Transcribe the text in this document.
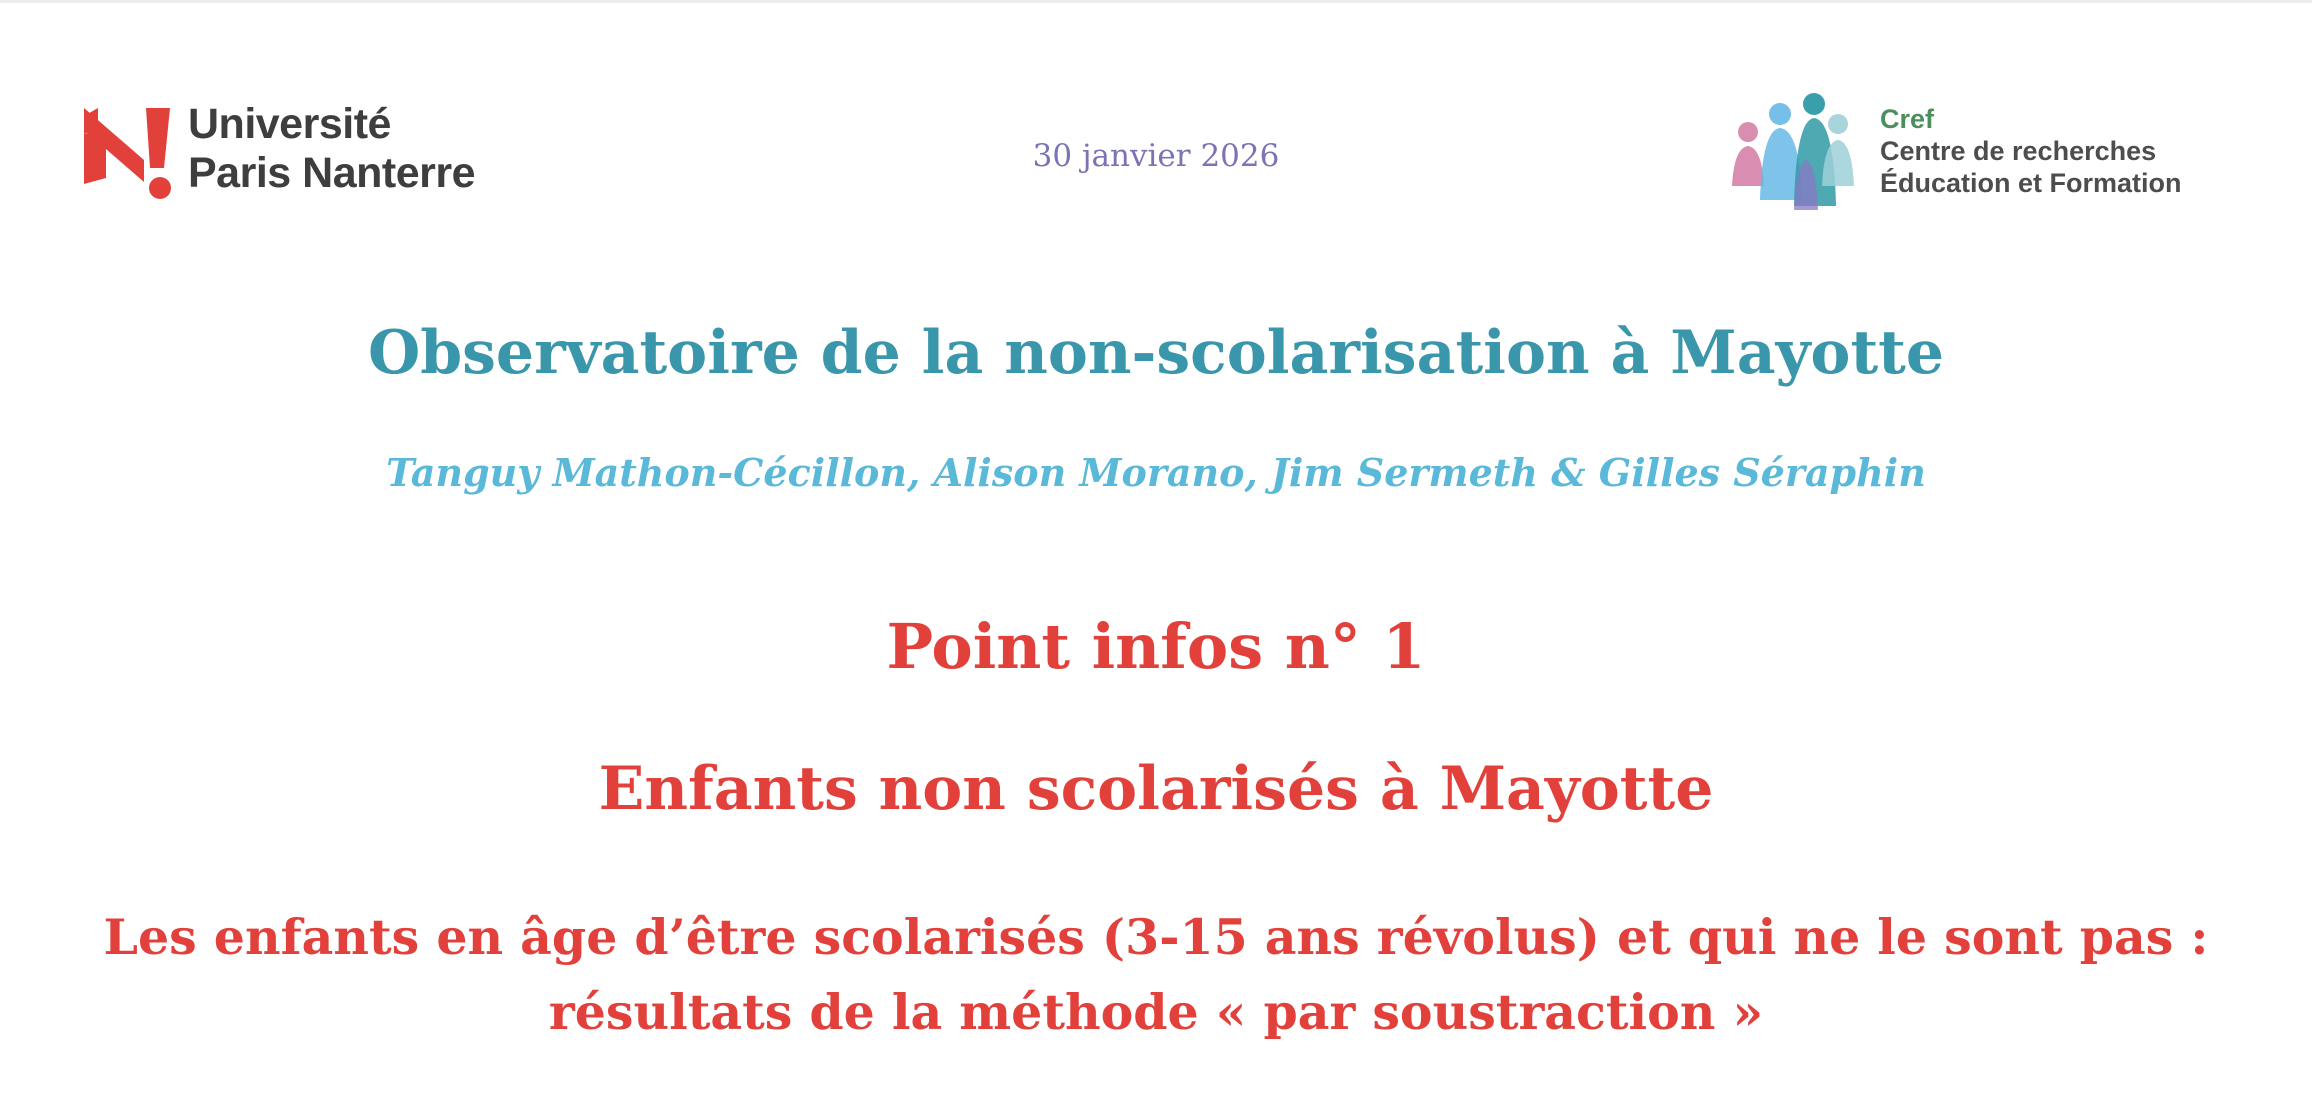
Université
Paris Nanterre	30 janvier 2026
Cref
Centre de recherches
Éducation et Formation
Observatoire de la non-scolarisation à Mayotte
Tanguy Mathon-Cécillon, Alison Morano, Jim Sermeth & Gilles Séraphin
Point infos n° 1
Enfants non scolarisés à Mayotte
Les enfants en âge d’être scolarisés (3-15 ans révolus) et qui ne le sont pas :
résultats de la méthode « par soustraction »
